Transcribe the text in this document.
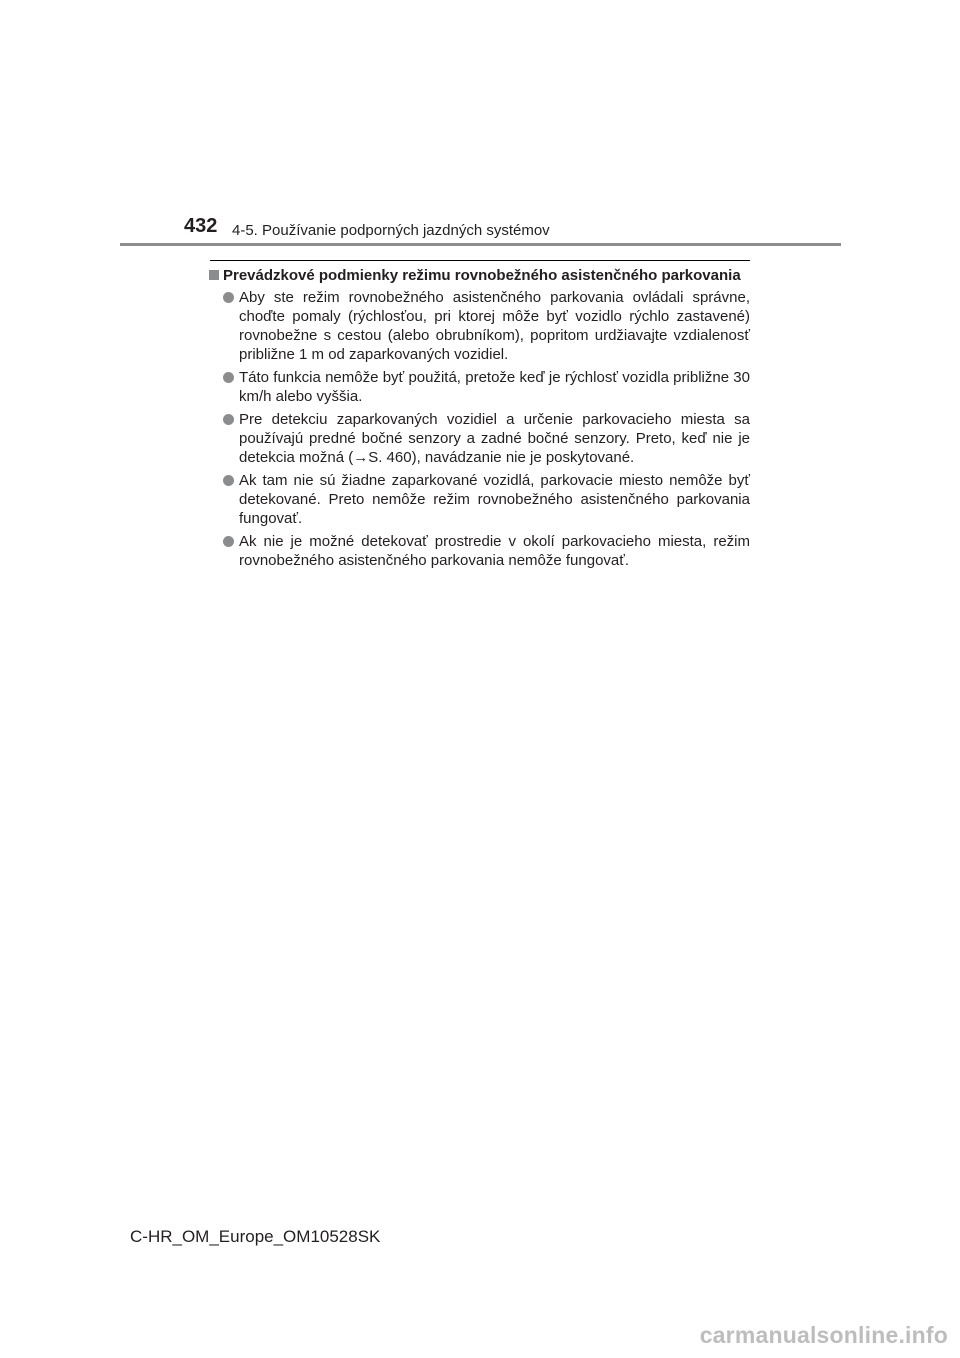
432 4-5. Používanie podporných jazdných systémov
Prevádzkové podmienky režimu rovnobežného asistenčného parkovania
Aby ste režim rovnobežného asistenčného parkovania ovládali správne, choďte pomaly (rýchlosťou, pri ktorej môže byť vozidlo rýchlo zastavené) rovnobežne s cestou (alebo obrubníkom), popritom urdžiavajte vzdialenosť približne 1 m od zaparkovaných vozidiel.
Táto funkcia nemôže byť použitá, pretože keď je rýchlosť vozidla približne 30 km/h alebo vyššia.
Pre detekciu zaparkovaných vozidiel a určenie parkovacieho miesta sa používajú predné bočné senzory a zadné bočné senzory. Preto, keď nie je detekcia možná (→S. 460), navádzanie nie je poskytované.
Ak tam nie sú žiadne zaparkované vozidlá, parkovacie miesto nemôže byť detekované. Preto nemôže režim rovnobežného asistenčného parkovania fungovať.
Ak nie je možné detekovať prostredie v okolí parkovacieho miesta, režim rovnobežného asistenčného parkovania nemôže fungovať.
C-HR_OM_Europe_OM10528SK
carmanualsonline.info
